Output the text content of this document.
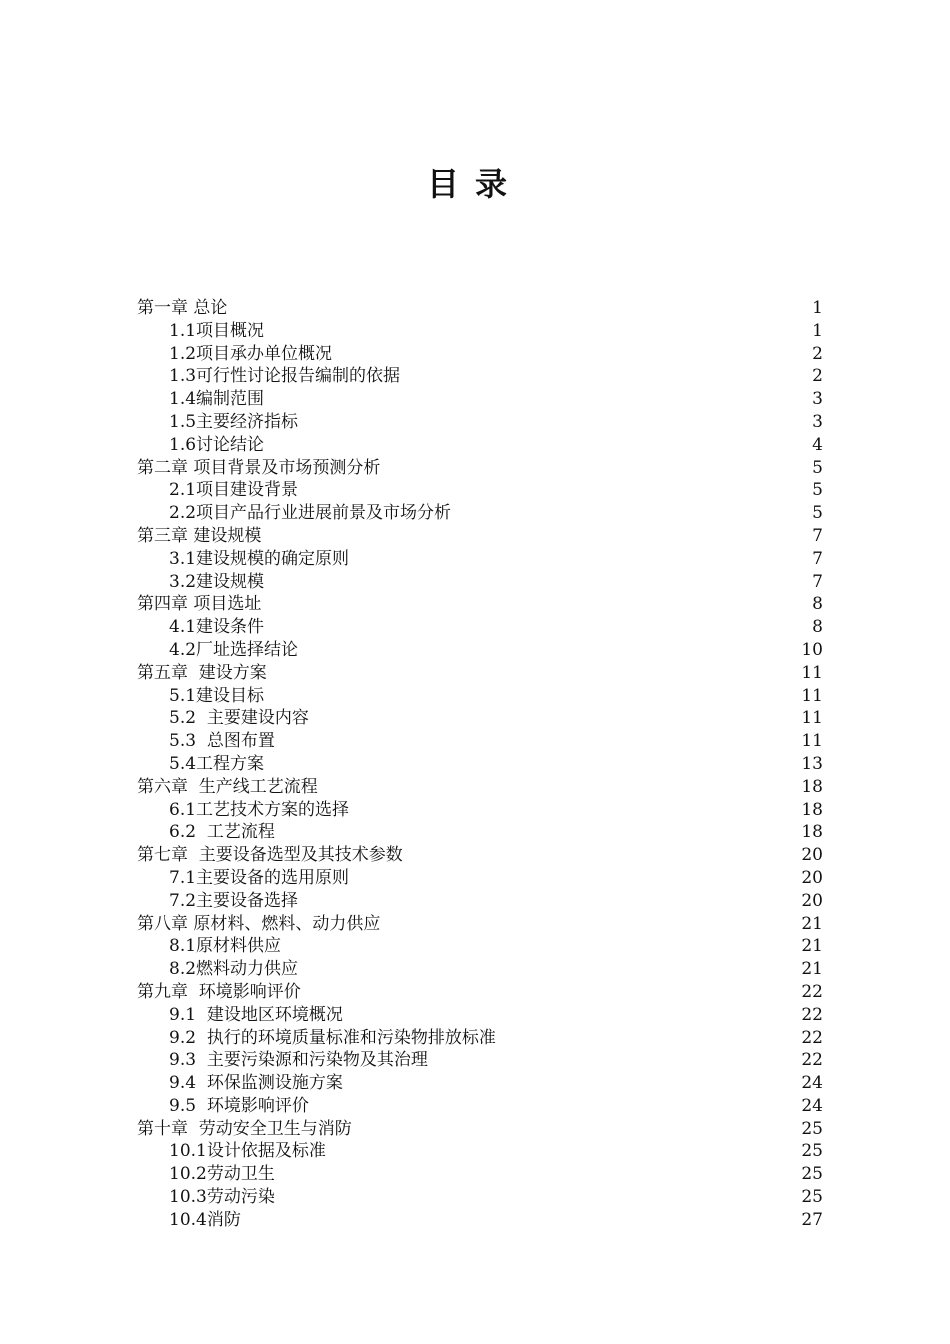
目录
第一章 总论	1
1.1项目概况	1
1.2项目承办单位概况	2
1.3可行性讨论报告编制的依据	2
1.4编制范围	3
1.5主要经济指标	3
1.6讨论结论	4
第二章 项目背景及市场预测分析	5
2.1项目建设背景	5
2.2项目产品行业进展前景及市场分析	5
第三章 建设规模	7
3.1建设规模的确定原则	7
3.2建设规模	7
第四章 项目选址	8
4.1建设条件	8
4.2厂址选择结论	10
第五章  建设方案	11
5.1建设目标	11
5.2  主要建设内容	11
5.3  总图布置	11
5.4工程方案	13
第六章  生产线工艺流程	18
6.1工艺技术方案的选择	18
6.2  工艺流程	18
第七章  主要设备选型及其技术参数	20
7.1主要设备的选用原则	20
7.2主要设备选择	20
第八章 原材料、燃料、动力供应	21
8.1原材料供应	21
8.2燃料动力供应	21
第九章  环境影响评价	22
9.1  建设地区环境概况	22
9.2  执行的环境质量标准和污染物排放标准	22
9.3  主要污染源和污染物及其治理	22
9.4  环保监测设施方案	24
9.5  环境影响评价	24
第十章  劳动安全卫生与消防	25
10.1设计依据及标准	25
10.2劳动卫生	25
10.3劳动污染	25
10.4消防	27
